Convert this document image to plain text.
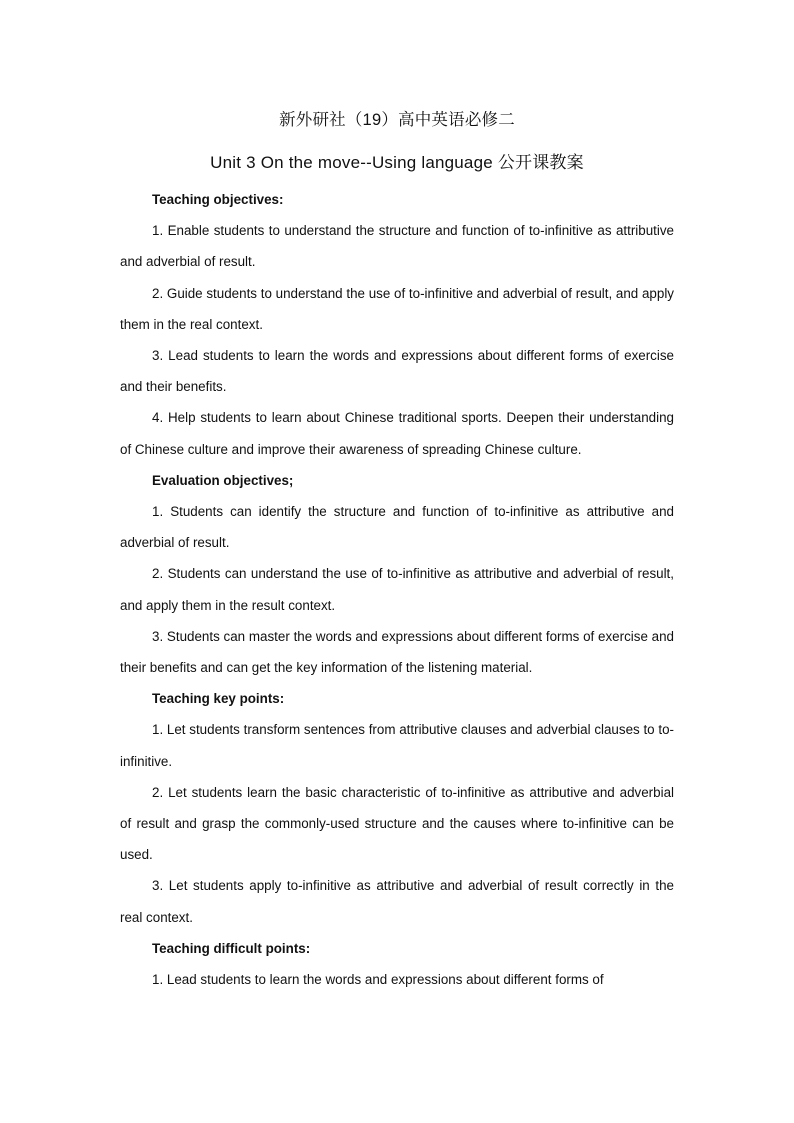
新外研社（19）高中英语必修二
Unit 3 On the move--Using language 公开课教案

Teaching objectives:

1. Enable students to understand the structure and function of to-infinitive as attributive and adverbial of result.

2. Guide students to understand the use of to-infinitive and adverbial of result, and apply them in the real context.

3. Lead students to learn the words and expressions about different forms of exercise and their benefits.

4. Help students to learn about Chinese traditional sports. Deepen their understanding of Chinese culture and improve their awareness of spreading Chinese culture.

Evaluation objectives;

1. Students can identify the structure and function of to-infinitive as attributive and adverbial of result.

2. Students can understand the use of to-infinitive as attributive and adverbial of result, and apply them in the result context.

3. Students can master the words and expressions about different forms of exercise and their benefits and can get the key information of the listening material.

Teaching key points:

1. Let students transform sentences from attributive clauses and adverbial clauses to to-infinitive.

2. Let students learn the basic characteristic of to-infinitive as attributive and adverbial of result and grasp the commonly-used structure and the causes where to-infinitive can be used.

3. Let students apply to-infinitive as attributive and adverbial of result correctly in the real context.

Teaching difficult points:

1. Lead students to learn the words and expressions about different forms of
